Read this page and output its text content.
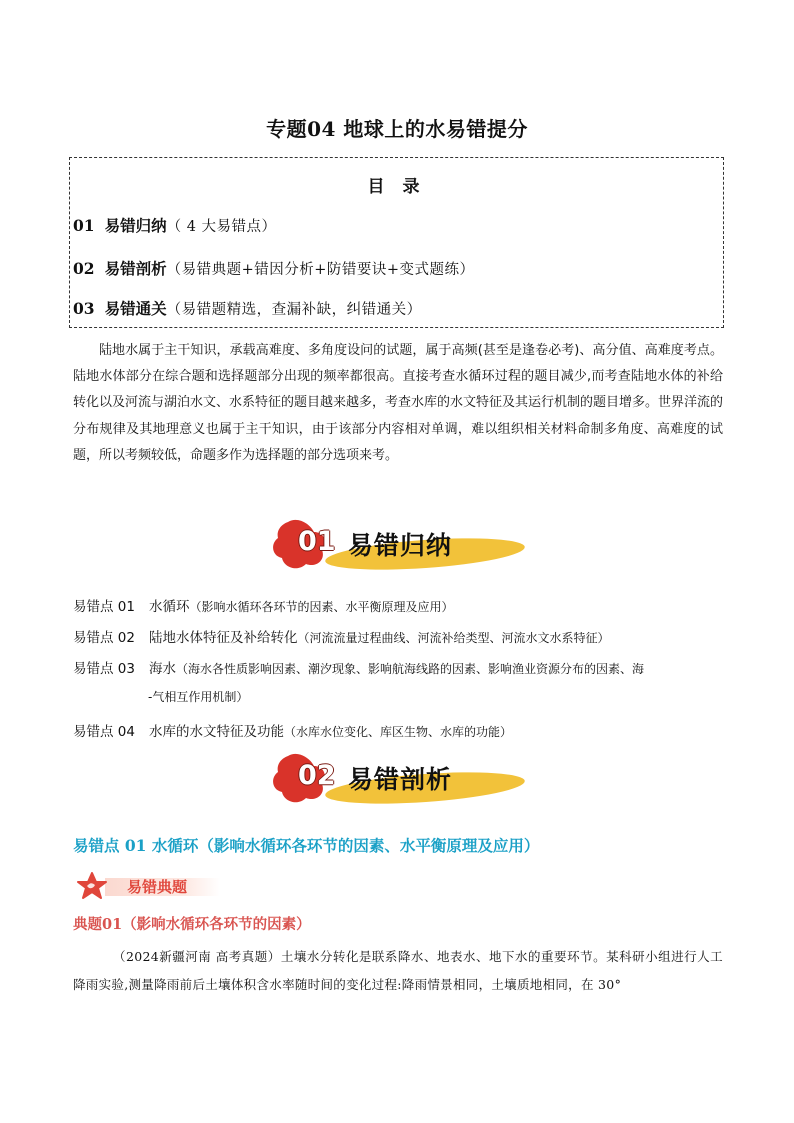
专题04 地球上的水易错提分
目 录
01 易错归纳（ 4 大易错点）
02 易错剖析（易错典题+错因分析+防错要诀+变式题练）
03 易错通关（易错题精选，查漏补缺，纠错通关）
陆地水属于主干知识，承载高难度、多角度设问的试题，属于高频(甚至是逢卷必考)、高分值、高难度考点。陆地水体部分在综合题和选择题部分出现的频率都很高。直接考查水循环过程的题目减少,而考查陆地水体的补给转化以及河流与湖泊水文、水系特征的题目越来越多，考查水库的水文特征及其运行机制的题目增多。世界洋流的分布规律及其地理意义也属于主干知识，由于该部分内容相对单调，难以组织相关材料命制多角度、高难度的试题，所以考频较低，命题多作为选择题的部分选项来考。
01 易错归纳
易错点 01 水循环（影响水循环各环节的因素、水平衡原理及应用）
易错点 02 陆地水体特征及补给转化（河流流量过程曲线、河流补给类型、河流水文水系特征）
易错点 03 海水（海水各性质影响因素、潮汐现象、影响航海线路的因素、影响渔业资源分布的因素、海
-气相互作用机制）
易错点 04 水库的水文特征及功能（水库水位变化、库区生物、水库的功能）
02 易错剖析
易错点 01 水循环（影响水循环各环节的因素、水平衡原理及应用）
易错典题
典题01（影响水循环各环节的因素）
（2024新疆河南 高考真题）土壤水分转化是联系降水、地表水、地下水的重要环节。某科研小组进行人工降雨实验,测量降雨前后土壤体积含水率随时间的变化过程:降雨情景相同，土壤质地相同，在 30°
